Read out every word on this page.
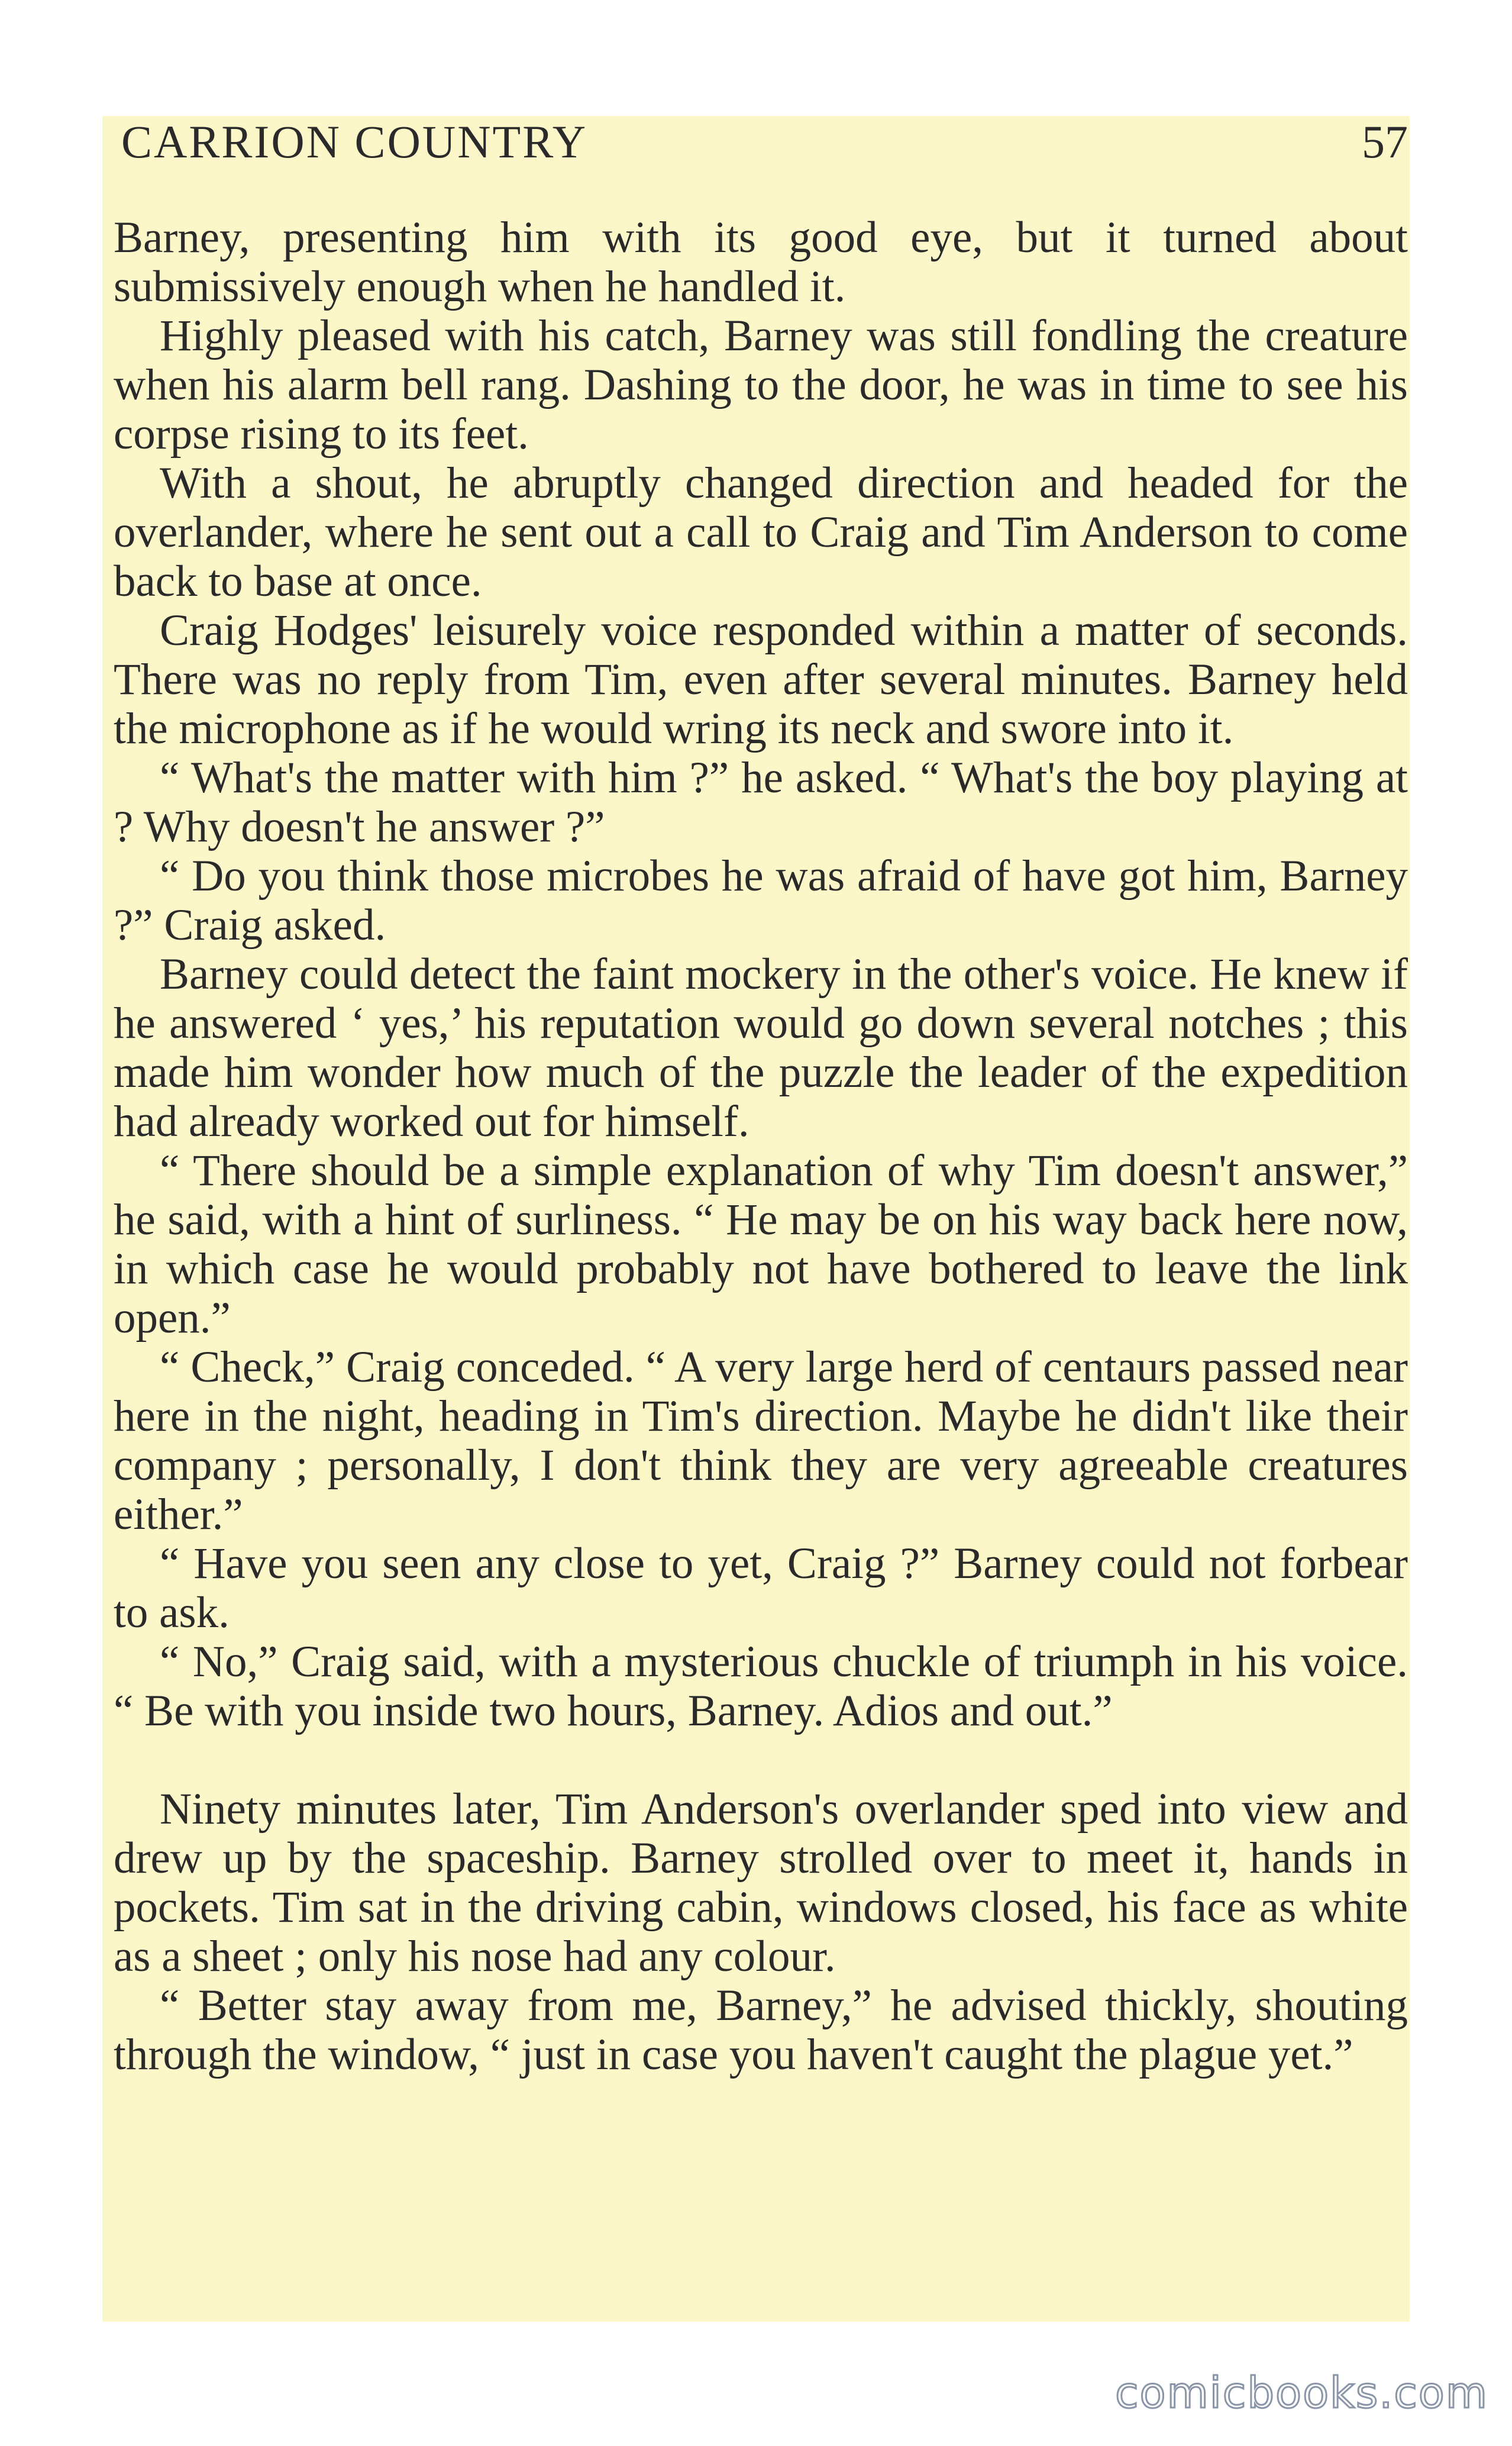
CARRION COUNTRY	57

Barney, presenting him with its good eye, but it turned about submissively enough when he handled it.

Highly pleased with his catch, Barney was still fondling the creature when his alarm bell rang. Dashing to the door, he was in time to see his corpse rising to its feet.

With a shout, he abruptly changed direction and headed for the overlander, where he sent out a call to Craig and Tim Anderson to come back to base at once.

Craig Hodges' leisurely voice responded within a matter of seconds. There was no reply from Tim, even after several minutes. Barney held the microphone as if he would wring its neck and swore into it.

“ What's the matter with him ?” he asked. “ What's the boy playing at ? Why doesn't he answer ?”

“ Do you think those microbes he was afraid of have got him, Barney ?” Craig asked.

Barney could detect the faint mockery in the other's voice. He knew if he answered ‘ yes,’ his reputation would go down several notches ; this made him wonder how much of the puzzle the leader of the expedition had already worked out for himself.

“ There should be a simple explanation of why Tim doesn't answer,” he said, with a hint of surliness. “ He may be on his way back here now, in which case he would probably not have bothered to leave the link open.”

“ Check,” Craig conceded. “ A very large herd of centaurs passed near here in the night, heading in Tim's direction. Maybe he didn't like their company ; personally, I don't think they are very agreeable creatures either.”

“ Have you seen any close to yet, Craig ?” Barney could not forbear to ask.

“ No,” Craig said, with a mysterious chuckle of triumph in his voice. “ Be with you inside two hours, Barney. Adios and out.”

Ninety minutes later, Tim Anderson's overlander sped into view and drew up by the spaceship. Barney strolled over to meet it, hands in pockets. Tim sat in the driving cabin, windows closed, his face as white as a sheet ; only his nose had any colour.

“ Better stay away from me, Barney,” he advised thickly, shouting through the window, “ just in case you haven't caught the plague yet.”

comicbooks.com
